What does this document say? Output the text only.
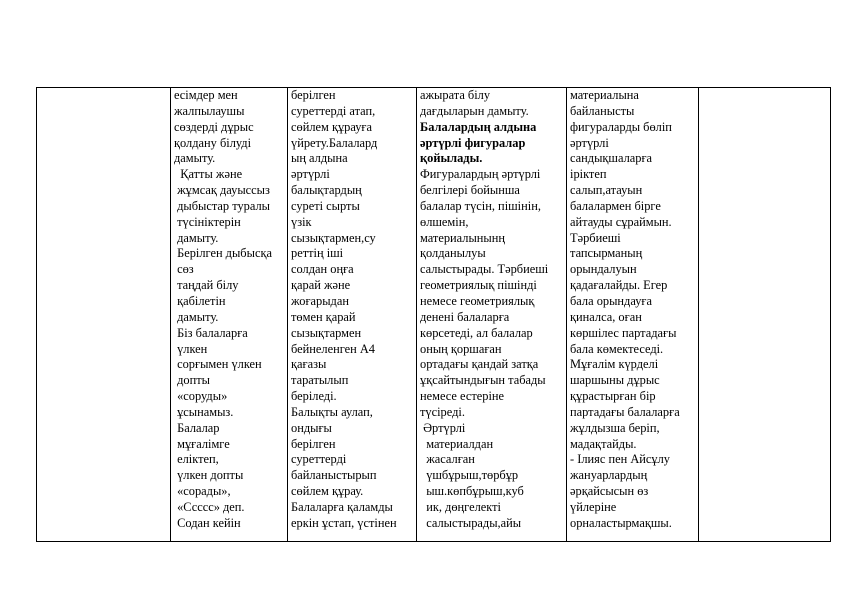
есімдер мен
жалпылаушы
сөздерді дұрыс
қолдану білуді
дамыту.
Қатты және
жұмсақ дауыссыз
дыбыстар туралы
түсініктерін
дамыту.
Берілген дыбысқа
сөз
таңдай білу
қабілетін
дамыту.
Біз балаларға
үлкен
сорғымен үлкен
допты
«соруды»
ұсынамыз.
Балалар
мұғалімге
еліктеп,
үлкен допты
«сорады»,
«Ссссс» деп.
Содан кейін

берілген
суреттерді атап,
сөйлем құрауға
үйрету.Балалард
ың алдына
әртүрлі
балықтардың
суреті сырты
үзік
сызықтармен,су
реттің іші
солдан оңға
қарай және
жоғарыдан
төмен қарай
сызықтармен
бейнеленген А4
қағазы
таратылып
беріледі.
Балықты аулап,
ондығы
берілген
суреттерді
байланыстырып
сөйлем құрау.
Балаларға қаламды
еркін ұстап, үстінен

ажырата білу
дағдыларын дамыту.
Балалардың алдына
әртүрлі фигуралар
қойылады.
Фигуралардың әртүрлі
белгілері бойынша
балалар түсін, пішінін,
өлшемін,
материалынынң
қолданылуы
салыстырады. Тәрбиеші
геометриялық пішінді
немесе геометриялық
денені балаларға
көрсетеді, ал балалар
оның қоршаған
ортадағы қандай затқа
ұқсайтындығын табады
немесе естеріне
түсіреді.
Әртүрлі
материалдан
жасалған
үшбұрыш,төрбұр
ыш.көпбұрыш,куб
ик, дөңгелекті
салыстырады,айы

материалына
байланысты
фигураларды бөліп
әртүрлі
сандықшаларға
іріктеп
салып,атауын
балалармен бірге
айтауды сұраймын.
Тәрбиеші
тапсырманың
орындалуын
қадағалайды. Егер
бала орындауға
қиналса, оған
көршілес партадағы
бала көмектеседі.
Мұғалім күрделі
шаршыны дұрыс
құрастырған бір
партадағы балаларға
жұлдызша беріп,
мадақтайды.
- Ілияс пен Айсұлу
жануарлардың
әрқайсысын өз
үйлеріне
орналастырмақшы.
